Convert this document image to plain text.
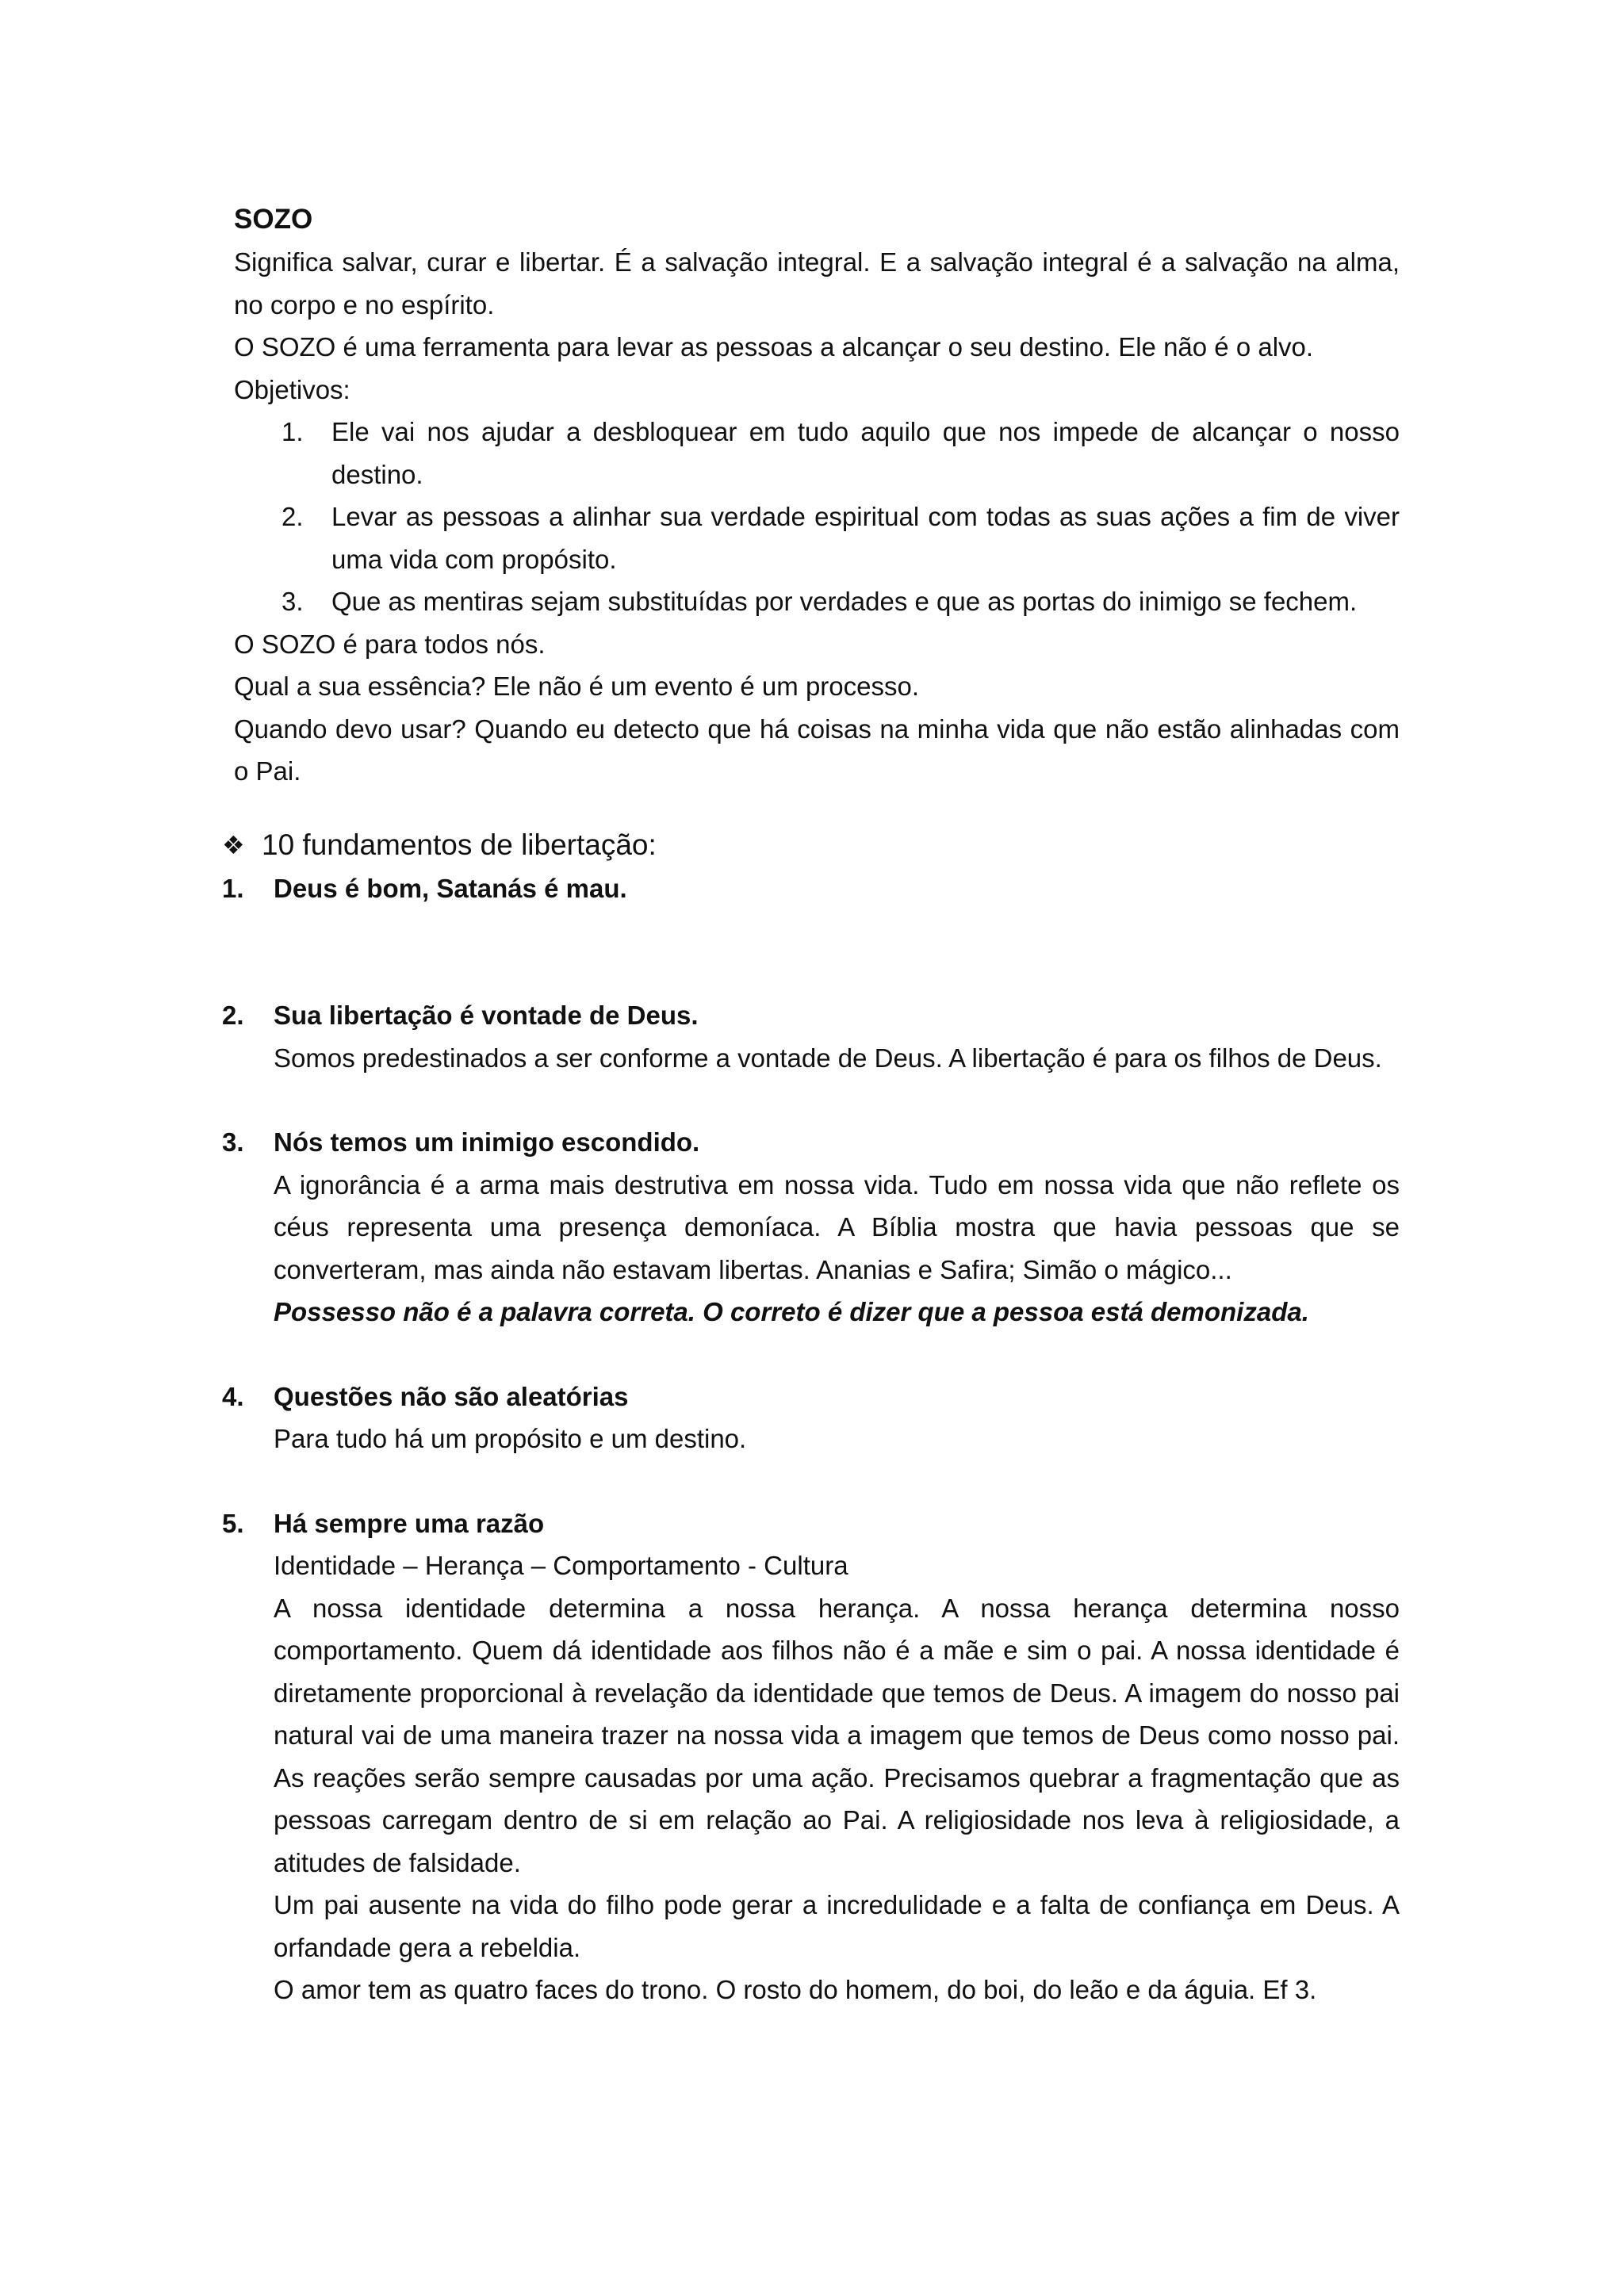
SOZO

Significa salvar, curar e libertar. É a salvação integral. E a salvação integral é a salvação na alma, no corpo e no espírito.

O SOZO é uma ferramenta para levar as pessoas a alcançar o seu destino. Ele não é o alvo.

Objetivos:

1. Ele vai nos ajudar a desbloquear em tudo aquilo que nos impede de alcançar o nosso destino.
2. Levar as pessoas a alinhar sua verdade espiritual com todas as suas ações a fim de viver uma vida com propósito.
3. Que as mentiras sejam substituídas por verdades e que as portas do inimigo se fechem.

O SOZO é para todos nós.

Qual a sua essência? Ele não é um evento é um processo.

Quando devo usar? Quando eu detecto que há coisas na minha vida que não estão alinhadas com o Pai.

❖ 10 fundamentos de libertação:
1. Deus é bom, Satanás é mau.

2. Sua libertação é vontade de Deus.

Somos predestinados a ser conforme a vontade de Deus. A libertação é para os filhos de Deus.

3. Nós temos um inimigo escondido.

A ignorância é a arma mais destrutiva em nossa vida. Tudo em nossa vida que não reflete os céus representa uma presença demoníaca. A Bíblia mostra que havia pessoas que se converteram, mas ainda não estavam libertas. Ananias e Safira; Simão o mágico...

Possesso não é a palavra correta. O correto é dizer que a pessoa está demonizada.

4. Questões não são aleatórias

Para tudo há um propósito e um destino.

5. Há sempre uma razão

Identidade – Herança – Comportamento - Cultura

A nossa identidade determina a nossa herança. A nossa herança determina nosso comportamento. Quem dá identidade aos filhos não é a mãe e sim o pai. A nossa identidade é diretamente proporcional à revelação da identidade que temos de Deus. A imagem do nosso pai natural vai de uma maneira trazer na nossa vida a imagem que temos de Deus como nosso pai. As reações serão sempre causadas por uma ação. Precisamos quebrar a fragmentação que as pessoas carregam dentro de si em relação ao Pai. A religiosidade nos leva à religiosidade, a atitudes de falsidade.

Um pai ausente na vida do filho pode gerar a incredulidade e a falta de confiança em Deus. A orfandade gera a rebeldia.

O amor tem as quatro faces do trono. O rosto do homem, do boi, do leão e da águia. Ef 3.
